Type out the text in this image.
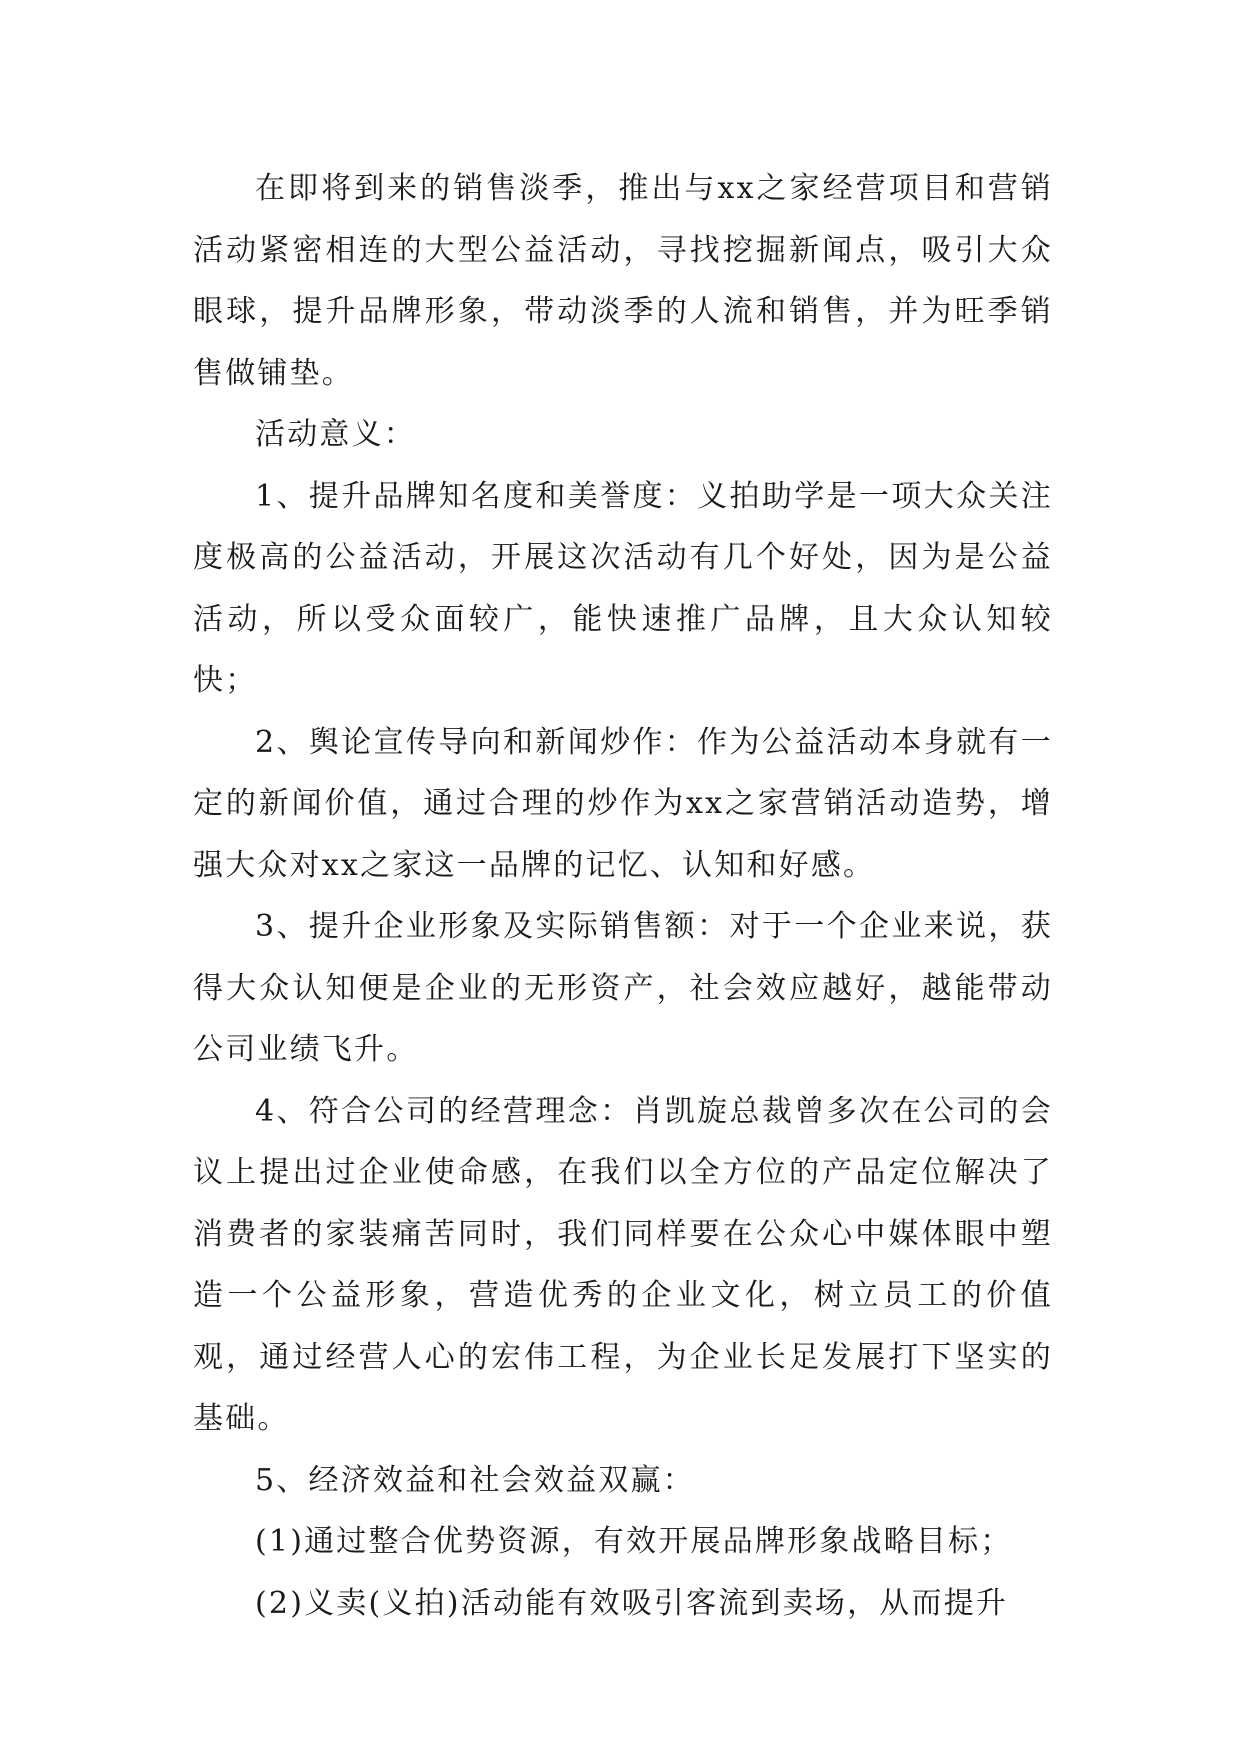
在即将到来的销售淡季，推出与xx之家经营项目和营销活动紧密相连的大型公益活动，寻找挖掘新闻点，吸引大众眼球，提升品牌形象，带动淡季的人流和销售，并为旺季销售做铺垫。

活动意义：

1、提升品牌知名度和美誉度：义拍助学是一项大众关注度极高的公益活动，开展这次活动有几个好处，因为是公益活动，所以受众面较广，能快速推广品牌，且大众认知较快；

2、舆论宣传导向和新闻炒作：作为公益活动本身就有一定的新闻价值，通过合理的炒作为xx之家营销活动造势，增强大众对xx之家这一品牌的记忆、认知和好感。

3、提升企业形象及实际销售额：对于一个企业来说，获得大众认知便是企业的无形资产，社会效应越好，越能带动公司业绩飞升。

4、符合公司的经营理念：肖凯旋总裁曾多次在公司的会议上提出过企业使命感，在我们以全方位的产品定位解决了消费者的家装痛苦同时，我们同样要在公众心中媒体眼中塑造一个公益形象，营造优秀的企业文化，树立员工的价值观，通过经营人心的宏伟工程，为企业长足发展打下坚实的基础。

5、经济效益和社会效益双赢：

(1)通过整合优势资源，有效开展品牌形象战略目标；

(2)义卖(义拍)活动能有效吸引客流到卖场，从而提升
